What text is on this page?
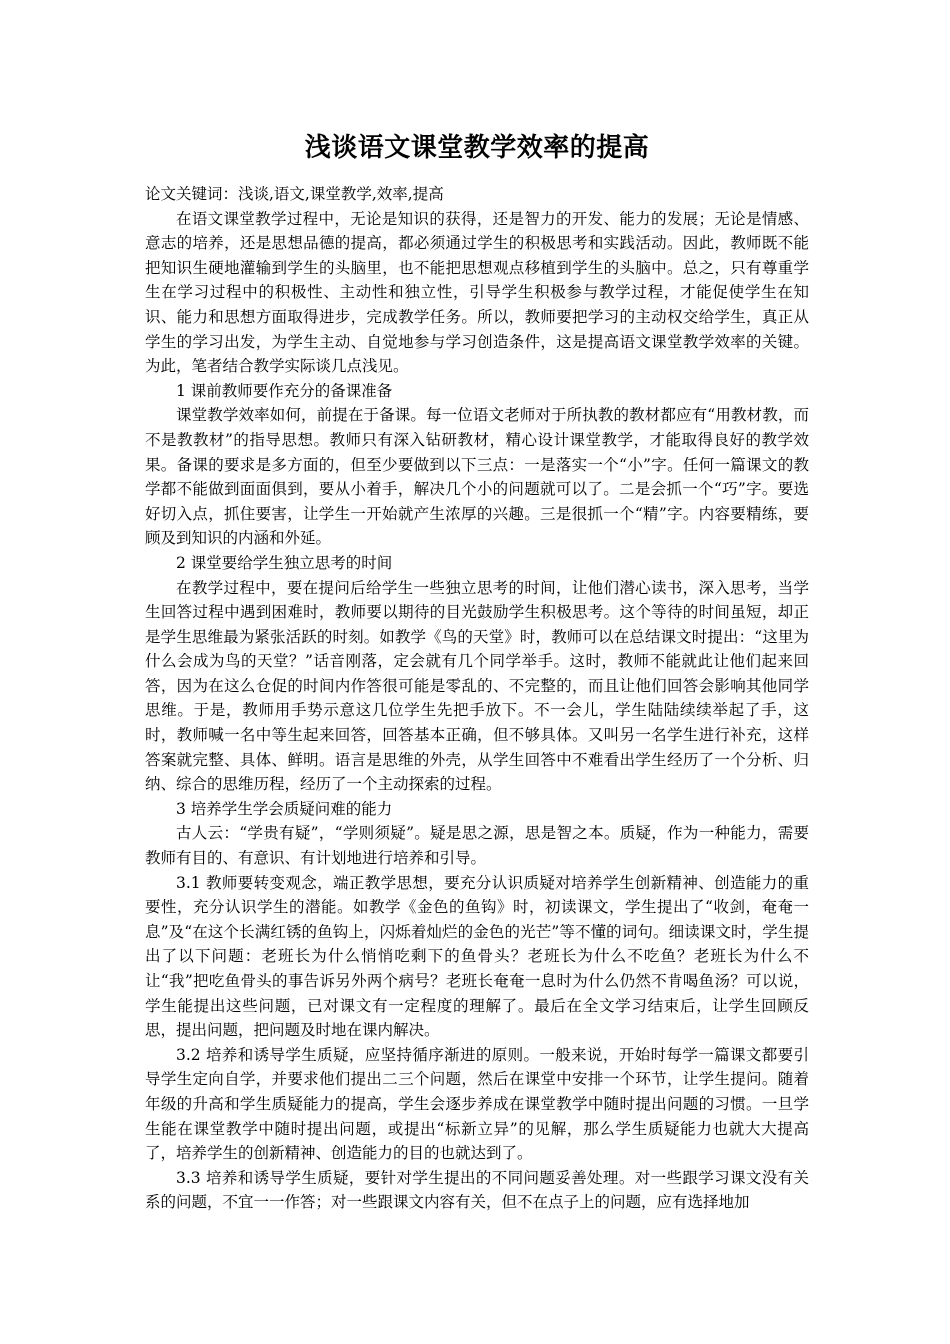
浅谈语文课堂教学效率的提高

论文关键词：浅谈,语文,课堂教学,效率,提高

在语文课堂教学过程中，无论是知识的获得，还是智力的开发、能力的发展；无论是情感、意志的培养，还是思想品德的提高，都必须通过学生的积极思考和实践活动。因此，教师既不能把知识生硬地灌输到学生的头脑里，也不能把思想观点移植到学生的头脑中。总之，只有尊重学生在学习过程中的积极性、主动性和独立性，引导学生积极参与教学过程，才能促使学生在知识、能力和思想方面取得进步，完成教学任务。所以，教师要把学习的主动权交给学生，真正从学生的学习出发，为学生主动、自觉地参与学习创造条件，这是提高语文课堂教学效率的关键。为此，笔者结合教学实际谈几点浅见。

1 课前教师要作充分的备课准备

课堂教学效率如何，前提在于备课。每一位语文老师对于所执教的教材都应有“用教材教，而不是教教材”的指导思想。教师只有深入钻研教材，精心设计课堂教学，才能取得良好的教学效果。备课的要求是多方面的，但至少要做到以下三点：一是落实一个“小”字。任何一篇课文的教学都不能做到面面俱到，要从小着手，解决几个小的问题就可以了。二是会抓一个“巧”字。要选好切入点，抓住要害，让学生一开始就产生浓厚的兴趣。三是很抓一个“精”字。内容要精练，要顾及到知识的内涵和外延。

2 课堂要给学生独立思考的时间

在教学过程中，要在提问后给学生一些独立思考的时间，让他们潜心读书，深入思考，当学生回答过程中遇到困难时，教师要以期待的目光鼓励学生积极思考。这个等待的时间虽短，却正是学生思维最为紧张活跃的时刻。如教学《鸟的天堂》时，教师可以在总结课文时提出：“这里为什么会成为鸟的天堂？”话音刚落，定会就有几个同学举手。这时，教师不能就此让他们起来回答，因为在这么仓促的时间内作答很可能是零乱的、不完整的，而且让他们回答会影响其他同学思维。于是，教师用手势示意这几位学生先把手放下。不一会儿，学生陆陆续续举起了手，这时，教师喊一名中等生起来回答，回答基本正确，但不够具体。又叫另一名学生进行补充，这样答案就完整、具体、鲜明。语言是思维的外壳，从学生回答中不难看出学生经历了一个分析、归纳、综合的思维历程，经历了一个主动探索的过程。

3 培养学生学会质疑问难的能力

古人云：“学贵有疑”，“学则须疑”。疑是思之源，思是智之本。质疑，作为一种能力，需要教师有目的、有意识、有计划地进行培养和引导。

3.1 教师要转变观念，端正教学思想，要充分认识质疑对培养学生创新精神、创造能力的重要性，充分认识学生的潜能。如教学《金色的鱼钩》时，初读课文，学生提出了“收剑，奄奄一息”及“在这个长满红锈的鱼钩上，闪烁着灿烂的金色的光芒”等不懂的词句。细读课文时，学生提出了以下问题：老班长为什么悄悄吃剩下的鱼骨头？老班长为什么不吃鱼？老班长为什么不让“我”把吃鱼骨头的事告诉另外两个病号？老班长奄奄一息时为什么仍然不肯喝鱼汤？可以说，学生能提出这些问题，已对课文有一定程度的理解了。最后在全文学习结束后，让学生回顾反思，提出问题，把问题及时地在课内解决。

3.2 培养和诱导学生质疑，应坚持循序渐进的原则。一般来说，开始时每学一篇课文都要引导学生定向自学，并要求他们提出二三个问题，然后在课堂中安排一个环节，让学生提问。随着年级的升高和学生质疑能力的提高，学生会逐步养成在课堂教学中随时提出问题的习惯。一旦学生能在课堂教学中随时提出问题，或提出“标新立异”的见解，那么学生质疑能力也就大大提高了，培养学生的创新精神、创造能力的目的也就达到了。

3.3 培养和诱导学生质疑，要针对学生提出的不同问题妥善处理。对一些跟学习课文没有关系的问题，不宜一一作答；对一些跟课文内容有关，但不在点子上的问题，应有选择地加
